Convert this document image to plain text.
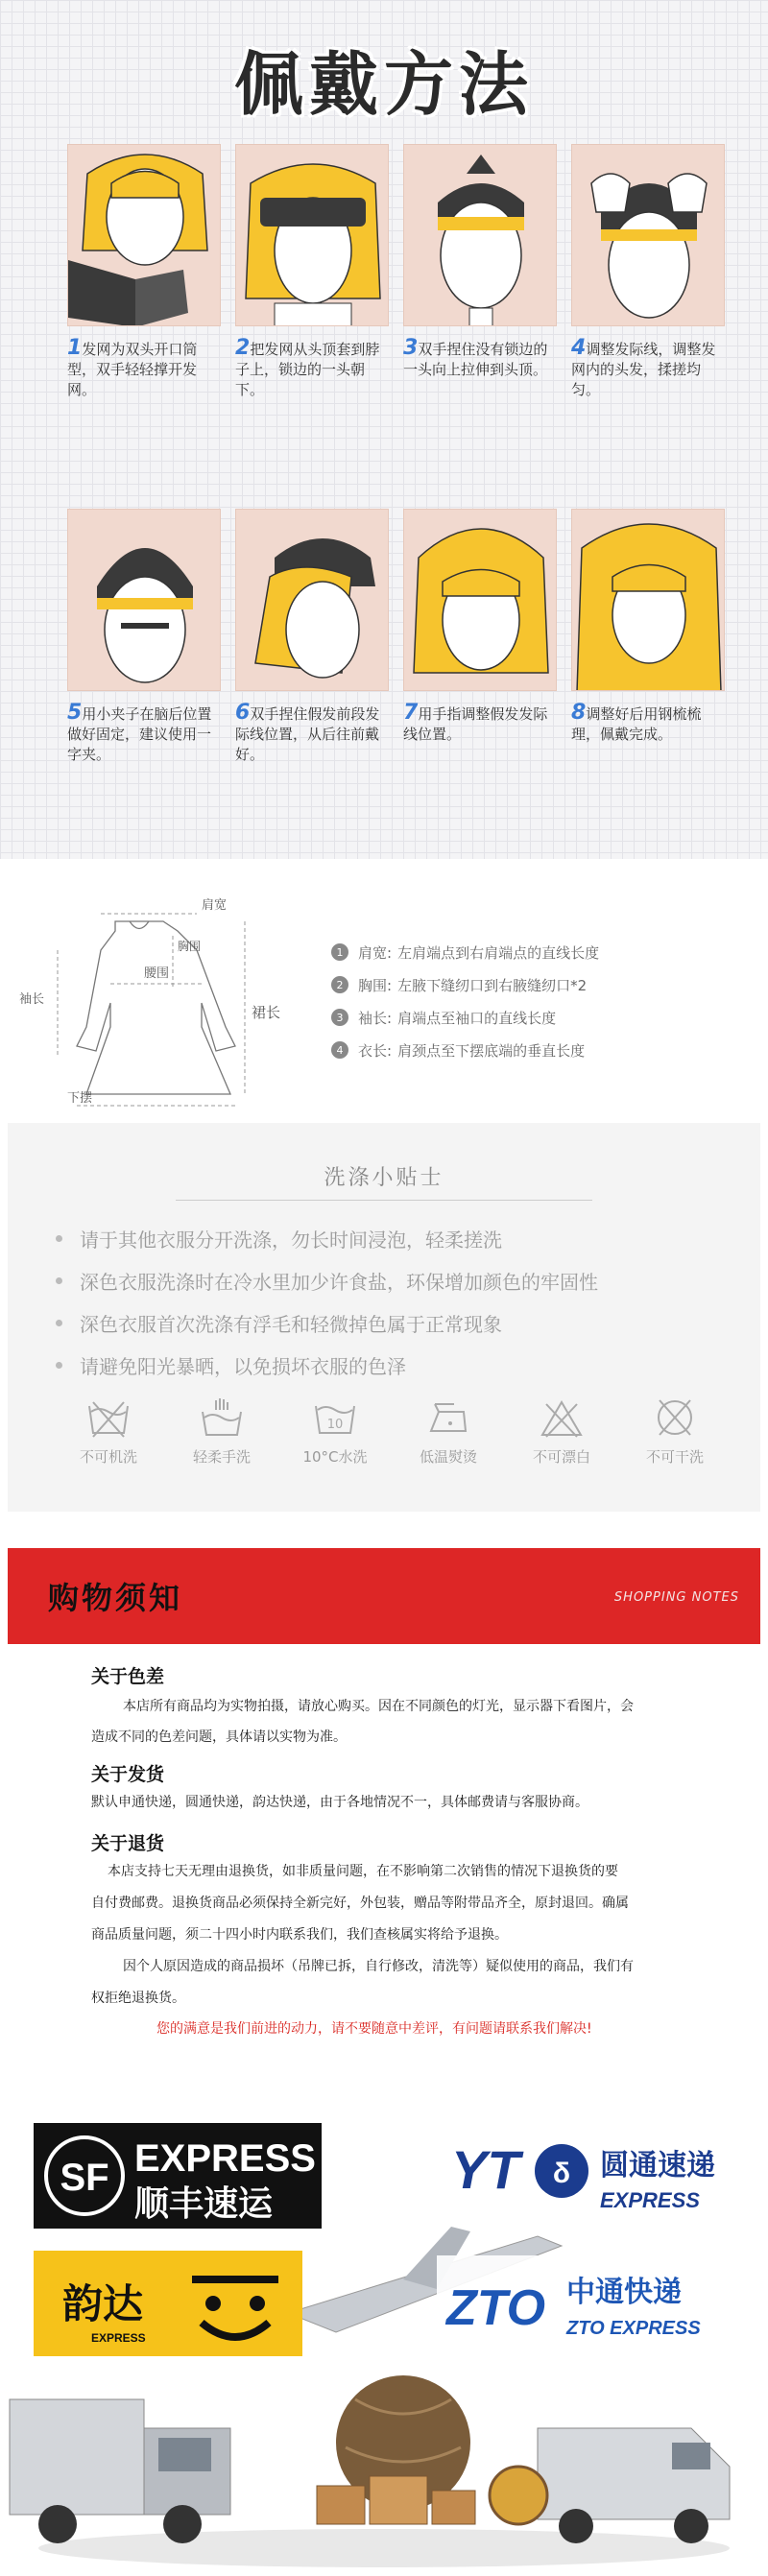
佩戴方法
1发网为双头开口筒型，双手轻轻撑开发网。
2把发网从头顶套到脖子上，锁边的一头朝下。
3双手捏住没有锁边的一头向上拉伸到头顶。
4调整发际线，调整发网内的头发，揉搓均匀。
5用小夹子在脑后位置做好固定，建议使用一字夹。
6双手捏住假发前段发际线位置，从后往前戴好。
7用手指调整假发发际线位置。
8调整好后用钢梳梳理，佩戴完成。
肩宽
胸围
腰围
袖长
裙长
下摆
1	肩宽: 左肩端点到右肩端点的直线长度
2	胸围: 左腋下缝纫口到右腋缝纫口*2
3	袖长: 肩端点至袖口的直线长度
4	衣长: 肩颈点至下摆底端的垂直长度
洗涤小贴士
请于其他衣服分开洗涤，勿长时间浸泡，轻柔搓洗
深色衣服洗涤时在冷水里加少许食盐，环保增加颜色的牢固性
深色衣服首次洗涤有浮毛和轻微掉色属于正常现象
请避免阳光暴晒，以免损坏衣服的色泽
不可机洗	轻柔手洗
10
10°C水洗	低温熨烫	不可漂白	不可干洗
购物须知	SHOPPING NOTES
关于色差
本店所有商品均为实物拍摄，请放心购买。因在不同颜色的灯光，显示器下看图片，会
造成不同的色差问题，具体请以实物为准。
关于发货
默认申通快递，圆通快递，韵达快递，由于各地情况不一，具体邮费请与客服协商。
关于退货
本店支持七天无理由退换货，如非质量问题，在不影响第二次销售的情况下退换货的要
自付费邮费。退换货商品必须保持全新完好，外包装，赠品等附带品齐全，原封退回。确属
商品质量问题，须二十四小时内联系我们，我们查核属实将给予退换。
因个人原因造成的商品损坏（吊牌已拆，自行修改，清洗等）疑似使用的商品，我们有
权拒绝退换货。
您的满意是我们前进的动力，请不要随意中差评，有问题请联系我们解决!
SF EXPRESS
顺丰速运
YT δ 圆通速递
EXPRESS
韵达
EXPRESS
ZTO 中通快递
ZTO EXPRESS
